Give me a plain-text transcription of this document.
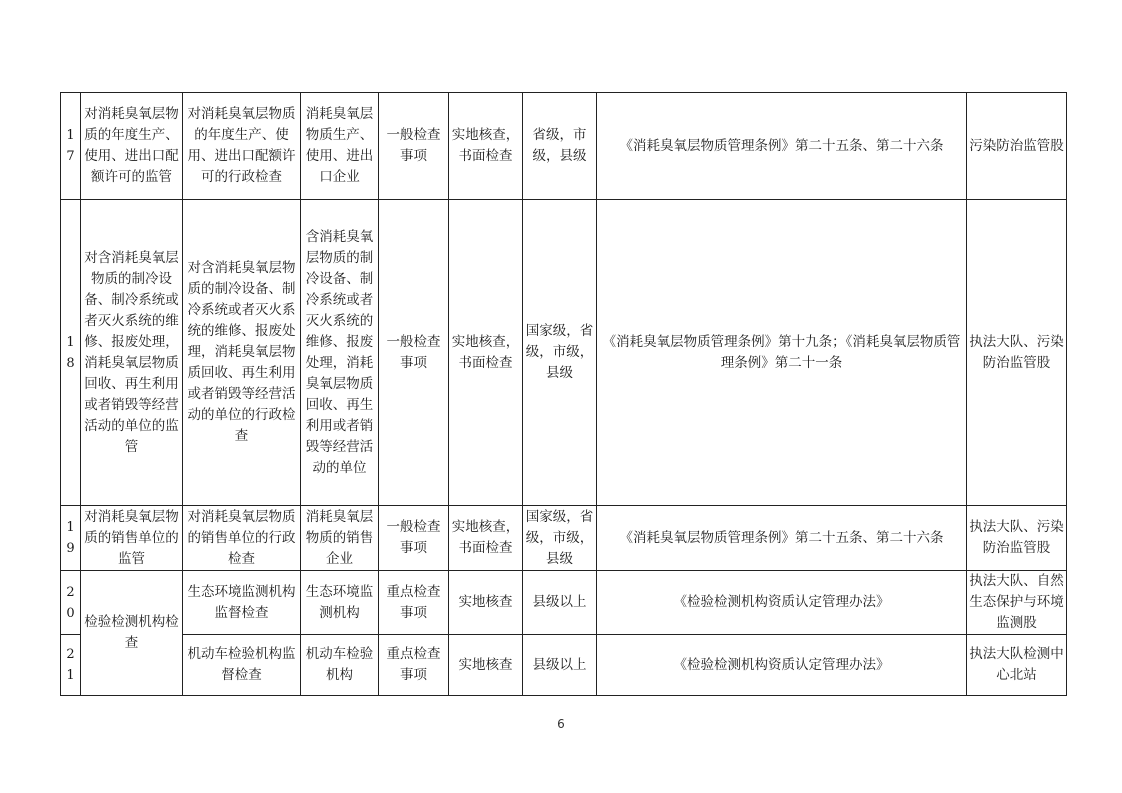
17	对消耗臭氧层物质的年度生产、使用、进出口配额许可的监管	对消耗臭氧层物质的年度生产、使用、进出口配额许可的行政检查	消耗臭氧层物质生产、使用、进出口企业	一般检查事项	实地核查，书面检查	省级，市级，县级	《消耗臭氧层物质管理条例》第二十五条、第二十六条	污染防治监管股
18	对含消耗臭氧层物质的制冷设备、制冷系统或者灭火系统的维修、报废处理，消耗臭氧层物质回收、再生利用或者销毁等经营活动的单位的监管	对含消耗臭氧层物质的制冷设备、制冷系统或者灭火系统的维修、报废处理，消耗臭氧层物质回收、再生利用或者销毁等经营活动的单位的行政检查	含消耗臭氧层物质的制冷设备、制冷系统或者灭火系统的维修、报废处理，消耗臭氧层物质回收、再生利用或者销毁等经营活动的单位	一般检查事项	实地核查，书面检查	国家级，省级，市级，县级	《消耗臭氧层物质管理条例》第十九条；《消耗臭氧层物质管理条例》第二十一条	执法大队、污染防治监管股
19	对消耗臭氧层物质的销售单位的监管	对消耗臭氧层物质的销售单位的行政检查	消耗臭氧层物质的销售企业	一般检查事项	实地核查，书面检查	国家级，省级，市级，县级	《消耗臭氧层物质管理条例》第二十五条、第二十六条	执法大队、污染防治监管股
20	检验检测机构检查	生态环境监测机构监督检查	生态环境监测机构	重点检查事项	实地核查	县级以上	《检验检测机构资质认定管理办法》	执法大队、自然生态保护与环境监测股
21		机动车检验机构监督检查	机动车检验机构	重点检查事项	实地核查	县级以上	《检验检测机构资质认定管理办法》	执法大队检测中心北站
6
